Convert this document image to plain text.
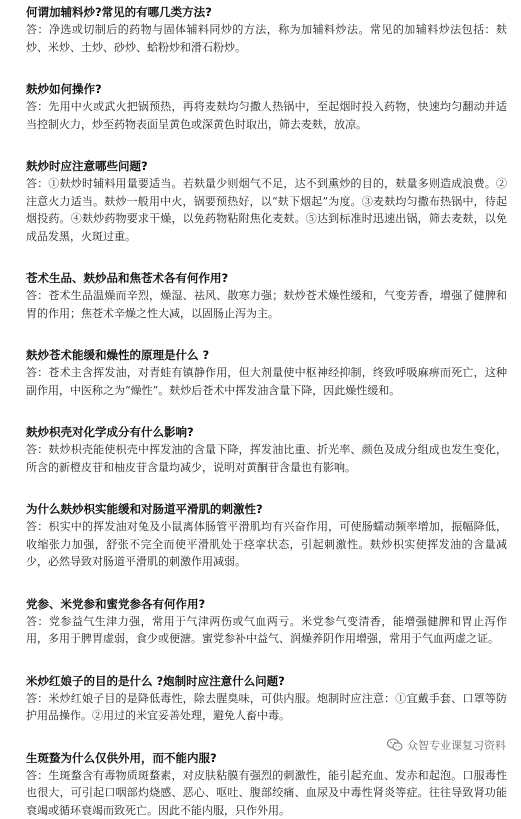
何谓加辅料炒?常见的有哪几类方法?

答：净选或切制后的药物与固体辅料同炒的方法，称为加辅料炒法。常见的加辅料炒法包括：麸炒、米炒、土炒、砂炒、蛤粉炒和滑石粉炒。

麸炒如何操作?

答：先用中火或武火把锅预热，再将麦麸均匀撒人热锅中，至起烟时投入药物，快速均匀翻动并适当控制火力，炒至药物表面呈黄色或深黄色时取出，筛去麦麸，放凉。

麸炒时应注意哪些问题?

答：①麸炒时辅料用量要适当。若麸量少则烟气不足，达不到熏炒的目的，麸量多则造成浪费。②注意火力适当。麸炒一般用中火，锅要预热好，以“麸下烟起”为度。③麦麸均匀撒布热锅中，待起烟投药。④麸炒药物要求干燥，以免药物粘附焦化麦麸。⑤达到标准时迅速出锅，筛去麦麸，以免成品发黑，火斑过重。

苍术生品、麸炒品和焦苍术各有何作用?

答：苍术生品温燥而辛烈，燥湿、祛风、散寒力强；麸炒苍术燥性缓和，气变芳香，增强了健脾和胃的作用；焦苍术辛燥之性大减，以固肠止泻为主。

麸炒苍术能缓和燥性的原理是什么 ?

答：苍术主含挥发油，对青蛙有镇静作用，但大剂量使中枢神经抑制，终致呼吸麻痹而死亡，这种副作用，中医称之为“燥性”。麸炒后苍术中挥发油含量下降，因此燥性缓和。

麸炒枳壳对化学成分有什么影响?

答：麸炒枳壳能使枳壳中挥发油的含量下降，挥发油比重、折光率、颜色及成分组成也发生变化，所含的新橙皮苷和柚皮苷含量均减少，说明对黄酮苷含量也有影响。

为什么麸炒枳实能缓和对肠道平滑肌的刺激性?

答：枳实中的挥发油对兔及小鼠离体肠管平滑肌均有兴奋作用，可使肠蠕动频率增加，振幅降低，收缩张力加强，舒张不完全而使平滑肌处于痉挛状态，引起刺激性。麸炒枳实使挥发油的含量减少，必然导致对肠道平滑肌的刺激作用减弱。

党参、米党参和蜜党参各有何作用?

答：党参益气生津力强，常用于气津两伤或气血两亏。米党参气变清香，能增强健脾和胃止泻作用，多用于脾胃虚弱，食少或便溏。蜜党参补中益气、润燥养阴作用增强，常用于气血两虚之证。

米炒红娘子的目的是什么 ?炮制时应注意什么问题?

答：米炒红娘子目的是降低毒性，除去腥臭味，可供内服。炮制时应注意：①宜戴手套、口罩等防护用品操作。②用过的米宜妥善处理，避免人畜中毒。

生斑蝥为什么仅供外用，而不能内服?

答：生斑蝥含有毒物质斑蝥素，对皮肤粘膜有强烈的刺激性，能引起充血、发赤和起泡。口服毒性也很大，可引起口咽部灼烧感、恶心、呕吐、腹部绞痛、血尿及中毒性肾炎等症。往往导致肾功能衰竭或循环衰竭而致死亡。因此不能内服，只作外用。

众智专业课复习资料
